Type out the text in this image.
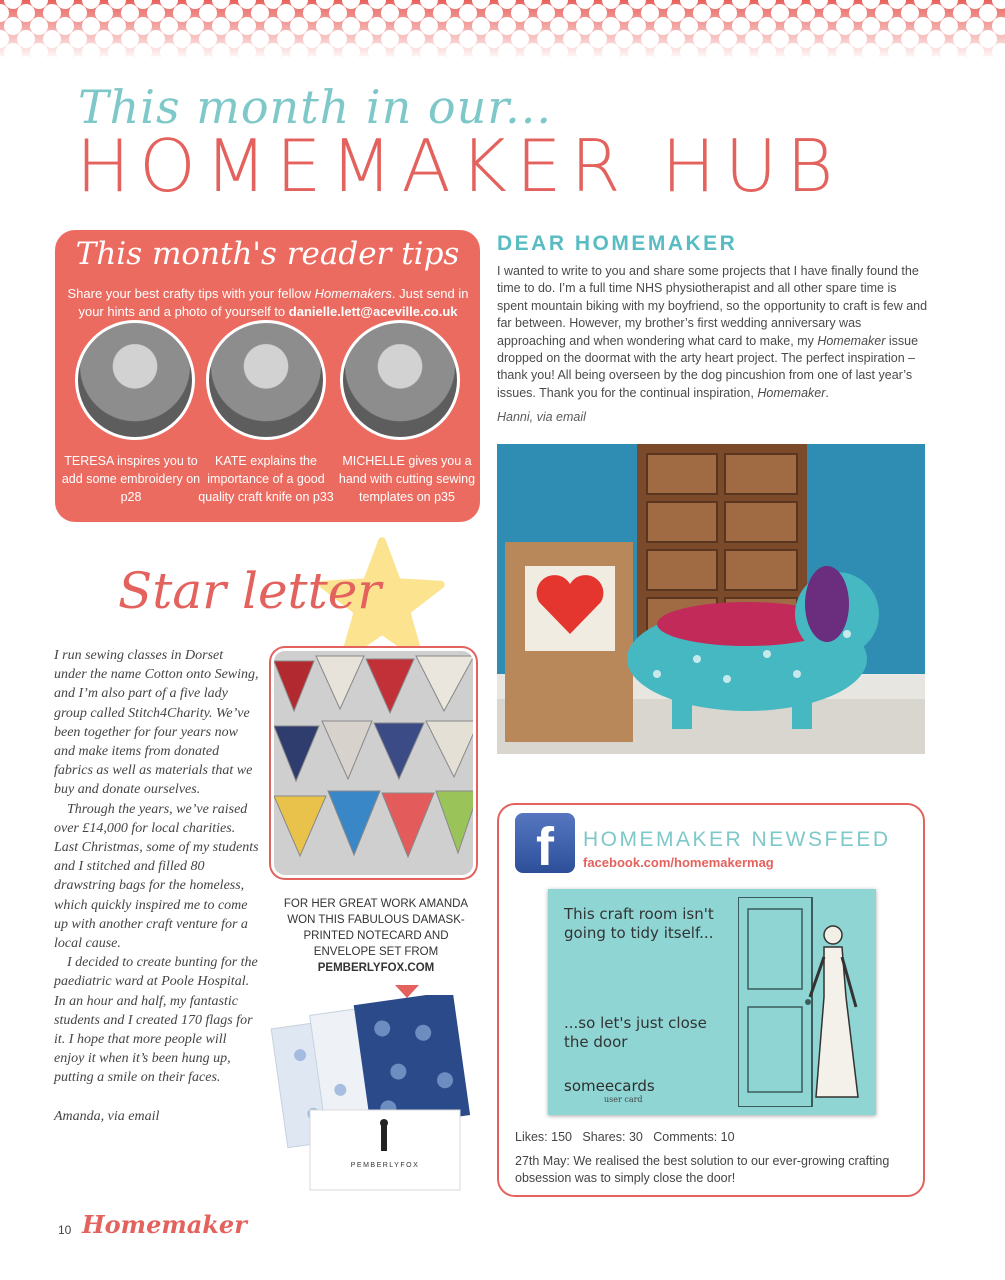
This month in our...
HOMEMAKER HUB
This month's reader tips
Share your best crafty tips with your fellow Homemakers. Just send in your hints and a photo of yourself to danielle.lett@aceville.co.uk
TERESA inspires you to add some embroidery on p28
KATE explains the importance of a good quality craft knife on p33
MICHELLE gives you a hand with cutting sewing templates on p35
DEAR HOMEMAKER
I wanted to write to you and share some projects that I have finally found the time to do. I’m a full time NHS physiotherapist and all other spare time is spent mountain biking with my boyfriend, so the opportunity to craft is few and far between. However, my brother’s first wedding anniversary was approaching and when wondering what card to make, my Homemaker issue dropped on the doormat with the arty heart project. The perfect inspiration – thank you! All being overseen by the dog pincushion from one of last year’s issues. Thank you for the continual inspiration, Homemaker.
Hanni, via email
Star letter

I run sewing classes in Dorset under the name Cotton onto Sewing, and I’m also part of a five lady group called Stitch4Charity. We’ve been together for four years now and make items from donated fabrics as well as materials that we buy and donate ourselves.

Through the years, we’ve raised over £14,000 for local charities. Last Christmas, some of my students and I stitched and filled 80 drawstring bags for the homeless, which quickly inspired me to come up with another craft venture for a local cause.

I decided to create bunting for the paediatric ward at Poole Hospital. In an hour and half, my fantastic students and I created 170 flags for it. I hope that more people will enjoy it when it’s been hung up, putting a smile on their faces.

Amanda, via email

FOR HER GREAT WORK AMANDA WON THIS FABULOUS DAMASK-PRINTED NOTECARD AND ENVELOPE SET FROM
PEMBERLYFOX.COM
PEMBERLYFOX
f	HOMEMAKER NEWSFEED
facebook.com/homemakermag
This craft room isn't going to tidy itself...
...so let's just close the door
someecards
user card
Likes: 150   Shares: 30   Comments: 10
27th May: We realised the best solution to our ever-growing crafting obsession was to simply close the door!
10 Homemaker
